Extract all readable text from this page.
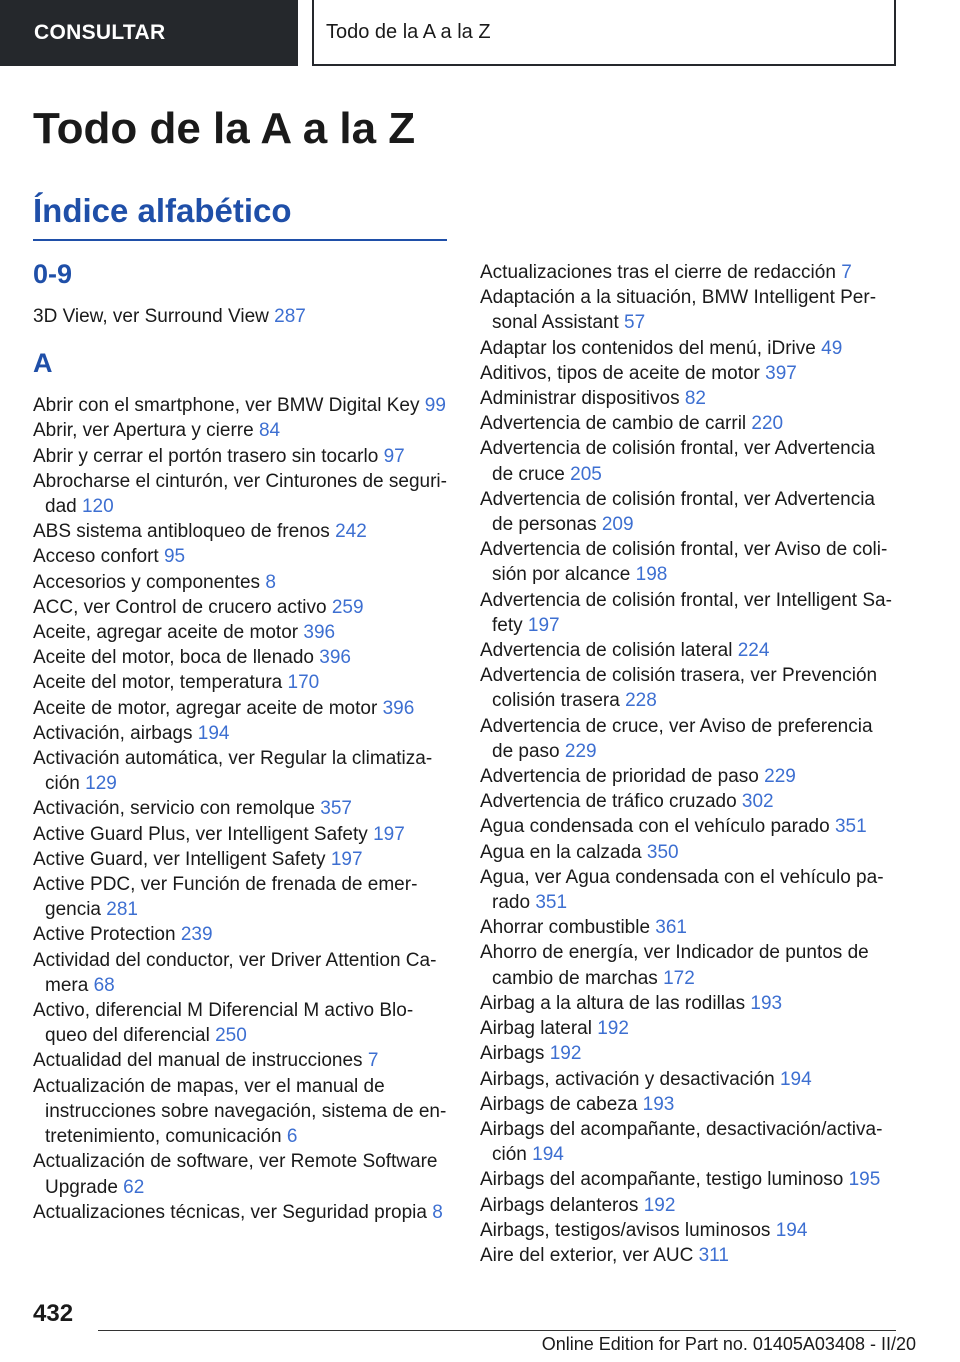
CONSULTAR	Todo de la A a la Z
Todo de la A a la Z
Índice alfabético
0-9
3D View, ver Surround View 287
A
Abrir con el smartphone, ver BMW Digital Key 99
Abrir, ver Apertura y cierre 84
Abrir y cerrar el portón trasero sin tocarlo 97
Abrocharse el cinturón, ver Cinturones de seguridad 120
ABS sistema antibloqueo de frenos 242
Acceso confort 95
Accesorios y componentes 8
ACC, ver Control de crucero activo 259
Aceite, agregar aceite de motor 396
Aceite del motor, boca de llenado 396
Aceite del motor, temperatura 170
Aceite de motor, agregar aceite de motor 396
Activación, airbags 194
Activación automática, ver Regular la climatización 129
Activación, servicio con remolque 357
Active Guard Plus, ver Intelligent Safety 197
Active Guard, ver Intelligent Safety 197
Active PDC, ver Función de frenada de emergencia 281
Active Protection 239
Actividad del conductor, ver Driver Attention Camera 68
Activo, diferencial M Diferencial M activo Bloqueo del diferencial 250
Actualidad del manual de instrucciones 7
Actualización de mapas, ver el manual de instrucciones sobre navegación, sistema de entretenimiento, comunicación 6
Actualización de software, ver Remote Software Upgrade 62
Actualizaciones técnicas, ver Seguridad propia 8
Actualizaciones tras el cierre de redacción 7
Adaptación a la situación, BMW Intelligent Personal Assistant 57
Adaptar los contenidos del menú, iDrive 49
Aditivos, tipos de aceite de motor 397
Administrar dispositivos 82
Advertencia de cambio de carril 220
Advertencia de colisión frontal, ver Advertencia de cruce 205
Advertencia de colisión frontal, ver Advertencia de personas 209
Advertencia de colisión frontal, ver Aviso de colisión por alcance 198
Advertencia de colisión frontal, ver Intelligent Safety 197
Advertencia de colisión lateral 224
Advertencia de colisión trasera, ver Prevención colisión trasera 228
Advertencia de cruce, ver Aviso de preferencia de paso 229
Advertencia de prioridad de paso 229
Advertencia de tráfico cruzado 302
Agua condensada con el vehículo parado 351
Agua en la calzada 350
Agua, ver Agua condensada con el vehículo parado 351
Ahorrar combustible 361
Ahorro de energía, ver Indicador de puntos de cambio de marchas 172
Airbag a la altura de las rodillas 193
Airbag lateral 192
Airbags 192
Airbags, activación y desactivación 194
Airbags de cabeza 193
Airbags del acompañante, desactivación/activación 194
Airbags del acompañante, testigo luminoso 195
Airbags delanteros 192
Airbags, testigos/avisos luminosos 194
Aire del exterior, ver AUC 311
432
Online Edition for Part no. 01405A03408 - II/20
